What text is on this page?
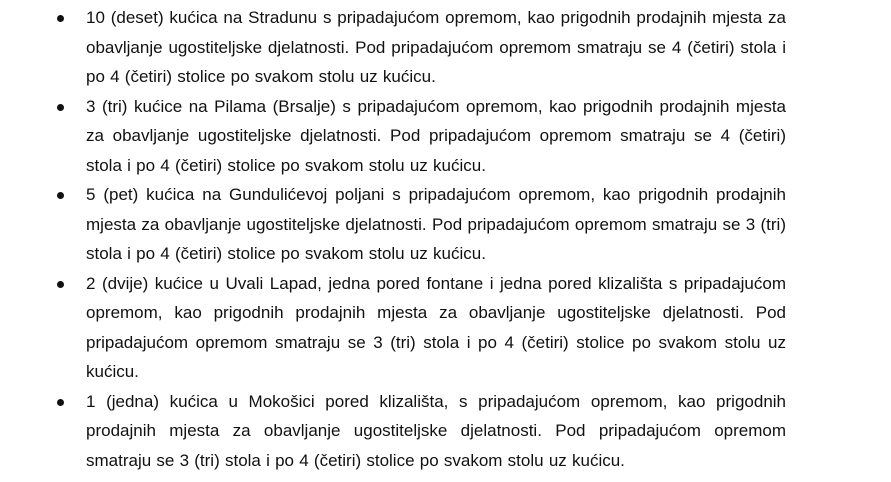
10 (deset) kućica na Stradunu s pripadajućom opremom, kao prigodnih prodajnih mjesta za obavljanje ugostiteljske djelatnosti. Pod pripadajućom opremom smatraju se 4 (četiri) stola i po 4 (četiri) stolice po svakom stolu uz kućicu.
3 (tri) kućice na Pilama (Brsalje) s pripadajućom opremom, kao prigodnih prodajnih mjesta za obavljanje ugostiteljske djelatnosti. Pod pripadajućom opremom smatraju se 4 (četiri) stola i po 4 (četiri) stolice po svakom stolu uz kućicu.
5 (pet) kućica na Gundulićevoj poljani s pripadajućom opremom, kao prigodnih prodajnih mjesta za obavljanje ugostiteljske djelatnosti. Pod pripadajućom opremom smatraju se 3 (tri) stola i po 4 (četiri) stolice po svakom stolu uz kućicu.
2 (dvije) kućice u Uvali Lapad, jedna pored fontane i jedna pored klizališta s pripadajućom opremom, kao prigodnih prodajnih mjesta za obavljanje ugostiteljske djelatnosti. Pod pripadajućom opremom smatraju se 3 (tri) stola i po 4 (četiri) stolice po svakom stolu uz kućicu.
1 (jedna) kućica u Mokošici pored klizališta, s pripadajućom opremom, kao prigodnih prodajnih mjesta za obavljanje ugostiteljske djelatnosti. Pod pripadajućom opremom smatraju se 3 (tri) stola i po 4 (četiri) stolice po svakom stolu uz kućicu.
